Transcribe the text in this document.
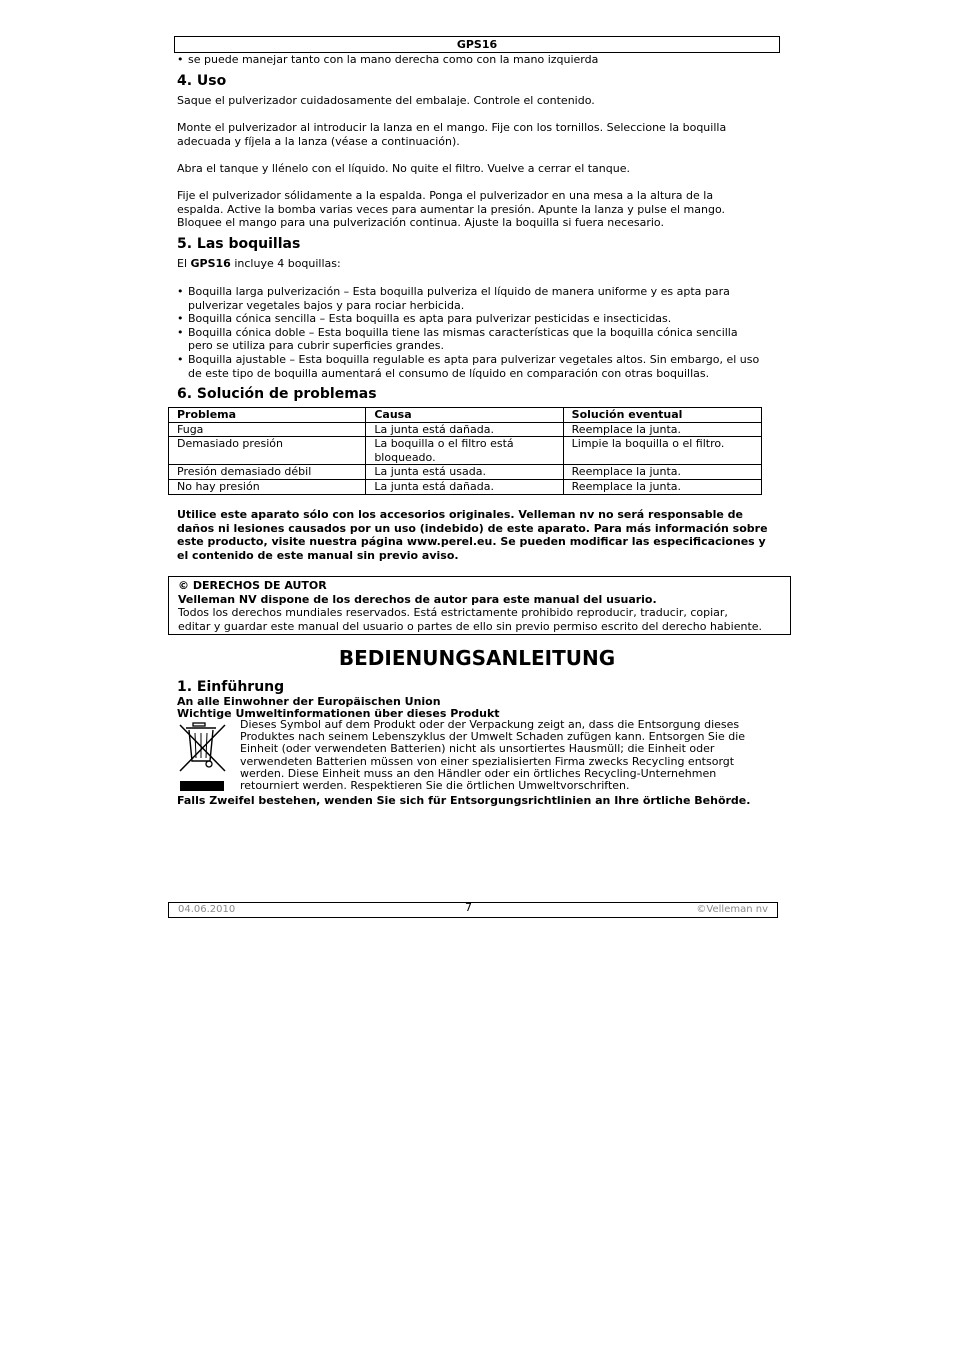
GPS16
• se puede manejar tanto con la mano derecha como con la mano izquierda
4. Uso
Saque el pulverizador cuidadosamente del embalaje. Controle el contenido.

Monte el pulverizador al introducir la lanza en el mango. Fije con los tornillos. Seleccione la boquilla

adecuada y fíjela a la lanza (véase a continuación).

Abra el tanque y llénelo con el líquido. No quite el filtro. Vuelve a cerrar el tanque.

Fije el pulverizador sólidamente a la espalda. Ponga el pulverizador en una mesa a la altura de la

espalda. Active la bomba varias veces para aumentar la presión. Apunte la lanza y pulse el mango.

Bloquee el mango para una pulverización continua. Ajuste la boquilla si fuera necesario.

5. Las boquillas
El GPS16 incluye 4 boquillas:
• Boquilla larga pulverización – Esta boquilla pulveriza el líquido de manera uniforme y es apta para

pulverizar vegetales bajos y para rociar herbicida.

• Boquilla cónica sencilla – Esta boquilla es apta para pulverizar pesticidas e insecticidas.

• Boquilla cónica doble – Esta boquilla tiene las mismas características que la boquilla cónica sencilla

pero se utiliza para cubrir superficies grandes.

• Boquilla ajustable – Esta boquilla regulable es apta para pulverizar vegetales altos. Sin embargo, el uso

de este tipo de boquilla aumentará el consumo de líquido en comparación con otras boquillas.

6. Solución de problemas
Problema	Causa	Solución eventual
Fuga	La junta está dañada.	Reemplace la junta.
Demasiado presión	La boquilla o el filtro está
bloqueado.	Limpie la boquilla o el filtro.
Presión demasiado débil	La junta está usada.	Reemplace la junta.
No hay presión	La junta está dañada.	Reemplace la junta.

Utilice este aparato sólo con los accesorios originales. Velleman nv no será responsable de

daños ni lesiones causados por un uso (indebido) de este aparato. Para más información sobre

este producto, visite nuestra página www.perel.eu. Se pueden modificar las especificaciones y

el contenido de este manual sin previo aviso.

© DERECHOS DE AUTOR

Velleman NV dispone de los derechos de autor para este manual del usuario.

Todos los derechos mundiales reservados. Está estrictamente prohibido reproducir, traducir, copiar,

editar y guardar este manual del usuario o partes de ello sin previo permiso escrito del derecho habiente.

BEDIENUNGSANLEITUNG
1. Einführung
An alle Einwohner der Europäischen Union
Wichtige Umweltinformationen über dieses Produkt

Dieses Symbol auf dem Produkt oder der Verpackung zeigt an, dass die Entsorgung dieses

Produktes nach seinem Lebenszyklus der Umwelt Schaden zufügen kann. Entsorgen Sie die

Einheit (oder verwendeten Batterien) nicht als unsortiertes Hausmüll; die Einheit oder

verwendeten Batterien müssen von einer spezialisierten Firma zwecks Recycling entsorgt

werden. Diese Einheit muss an den Händler oder ein örtliches Recycling-Unternehmen

retourniert werden. Respektieren Sie die örtlichen Umweltvorschriften.

Falls Zweifel bestehen, wenden Sie sich für Entsorgungsrichtlinien an Ihre örtliche Behörde.
04.06.2010	7	©Velleman nv
